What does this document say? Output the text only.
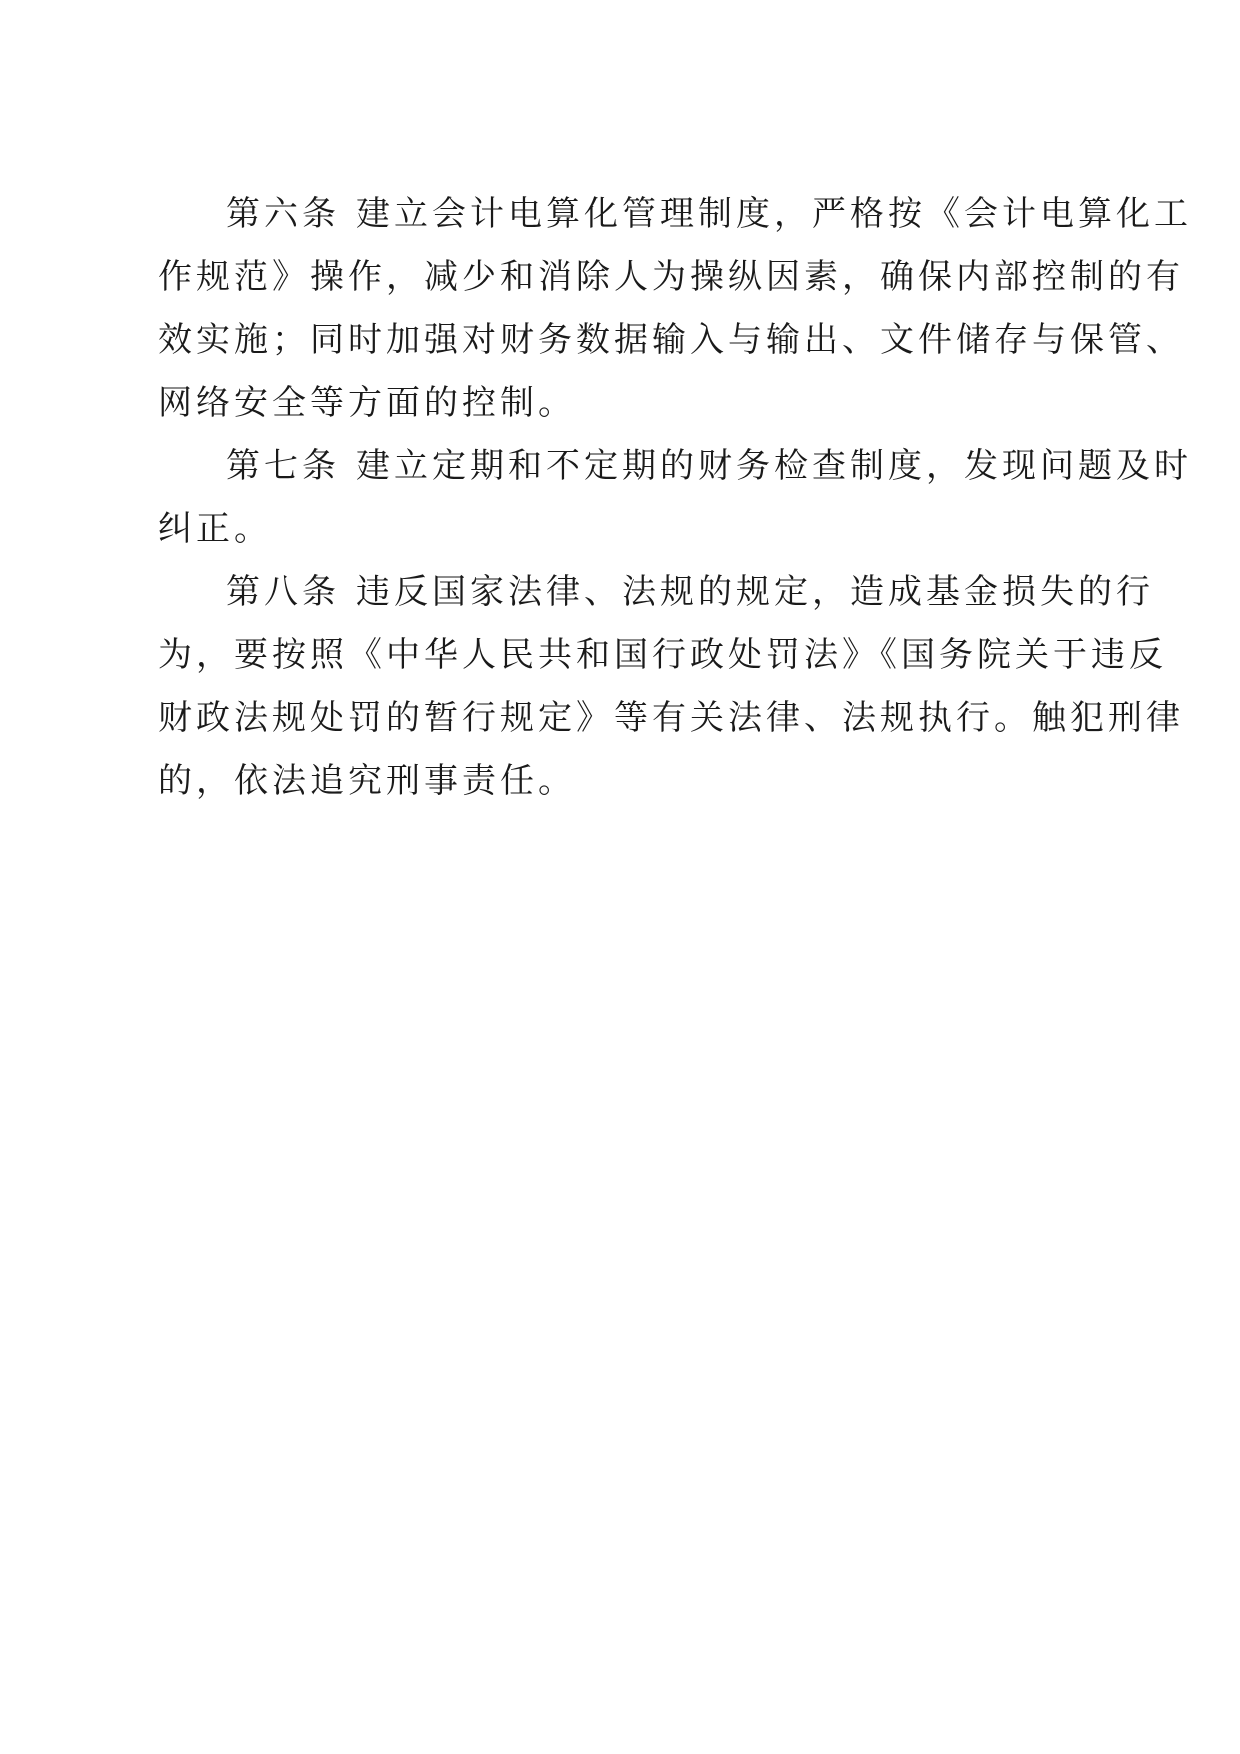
第六条 建立会计电算化管理制度，严格按《会计电算化工
作规范》操作，减少和消除人为操纵因素，确保内部控制的有
效实施；同时加强对财务数据输入与输出、文件储存与保管、
网络安全等方面的控制。

第七条 建立定期和不定期的财务检查制度，发现问题及时
纠正。

第八条 违反国家法律、法规的规定，造成基金损失的行
为，要按照《中华人民共和国行政处罚法》《国务院关于违反
财政法规处罚的暂行规定》等有关法律、法规执行。触犯刑律
的，依法追究刑事责任。
